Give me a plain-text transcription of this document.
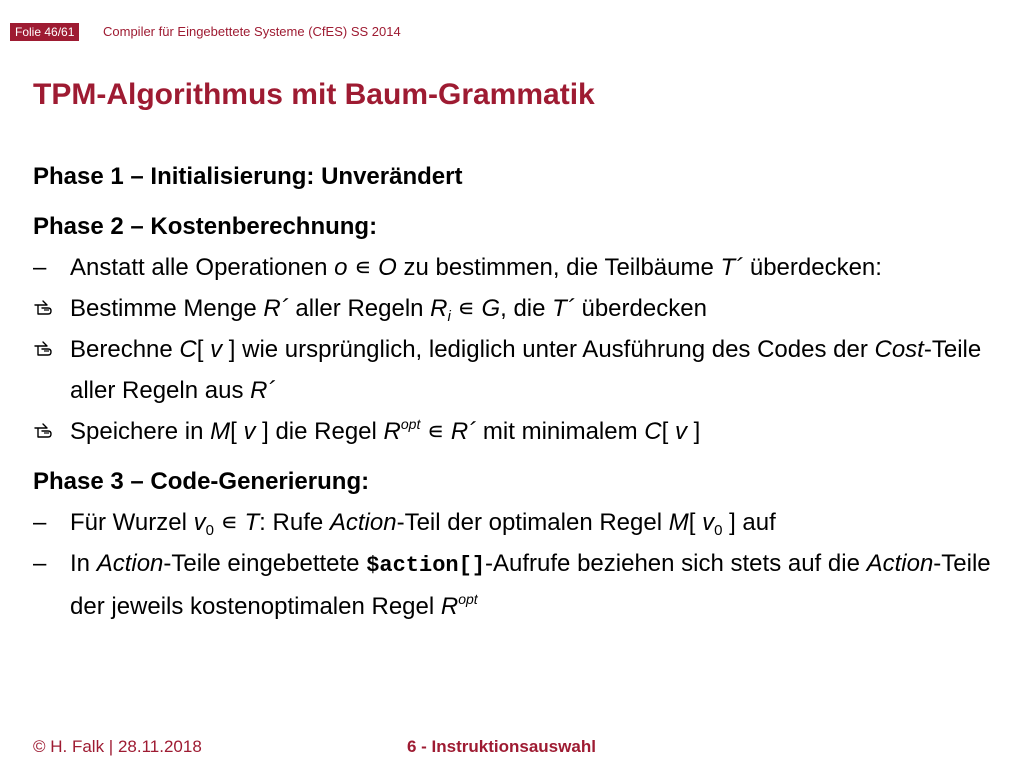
Folie 46/61	Compiler für Eingebettete Systeme (CfES) SS 2014
TPM-Algorithmus mit Baum-Grammatik
Phase 1 – Initialisierung: Unverändert
Phase 2 – Kostenberechnung:
– Anstatt alle Operationen o ∊ O zu bestimmen, die Teilbäume T´ überdecken:
Bestimme Menge R´ aller Regeln $R_i$ ∊ G, die T´ überdecken
Berechne C[ v ] wie ursprünglich, lediglich unter Ausführung des Codes der Cost-Teile aller Regeln aus R´
Speichere in M[ v ] die Regel $R^{opt}$ ∊ R´ mit minimalem C[ v ]
Phase 3 – Code-Generierung:
– Für Wurzel $v_0$ ∊ T: Rufe Action-Teil der optimalen Regel M[ $v_0$ ] auf
– In Action-Teile eingebettete $action[]-Aufrufe beziehen sich stets auf die Action-Teile der jeweils kostenoptimalen Regel $R^{opt}$
© H. Falk | 28.11.2018	6 - Instruktionsauswahl
